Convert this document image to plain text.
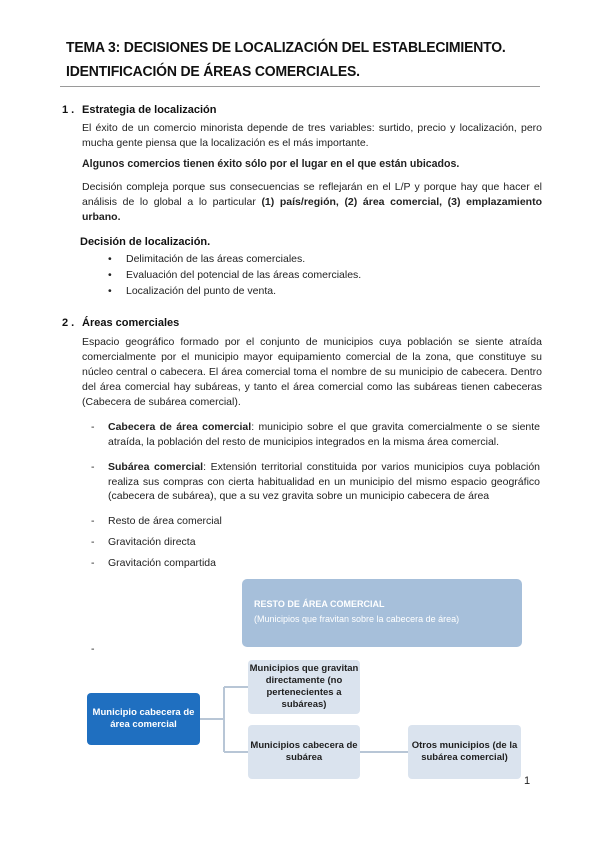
TEMA 3: DECISIONES DE LOCALIZACIÓN DEL ESTABLECIMIENTO.
IDENTIFICACIÓN DE ÁREAS COMERCIALES.
1 . Estrategia de localización
El éxito de un comercio minorista depende de tres variables: surtido, precio y localización, pero mucha gente piensa que la localización es el más importante.
Algunos comercios tienen éxito sólo por el lugar en el que están ubicados.
Decisión compleja porque sus consecuencias se reflejarán en el L/P y porque hay que hacer el análisis de lo global a lo particular (1) país/región, (2) área comercial, (3) emplazamiento urbano.
Decisión de localización.
• Delimitación de las áreas comerciales.
• Evaluación del potencial de las áreas comerciales.
• Localización del punto de venta.
2 . Áreas comerciales
Espacio geográfico formado por el conjunto de municipios cuya población se siente atraída comercialmente por el municipio mayor equipamiento comercial de la zona, que constituye su núcleo central o cabecera. El área comercial toma el nombre de su municipio de cabecera. Dentro del área comercial hay subáreas, y tanto el área comercial como las subáreas tienen cabeceras (Cabecera de subárea comercial).
- Cabecera de área comercial: municipio sobre el que gravita comercialmente o se siente atraída, la población del resto de municipios integrados en la misma área comercial.
- Subárea comercial: Extensión territorial constituida por varios municipios cuya población realiza sus compras con cierta habitualidad en un municipio del mismo espacio geográfico (cabecera de subárea), que a su vez gravita sobre un municipio cabecera de área
- Resto de área comercial
- Gravitación directa
- Gravitación compartida
-
RESTO DE ÁREA COMERCIAL
(Municipios que fravitan sobre la cabecera de área)
Municipio cabecera de área comercial
Municipios que gravitan directamente (no pertenecientes a subáreas)
Municipios cabecera de subárea
Otros municipios (de la subárea comercial)
1
